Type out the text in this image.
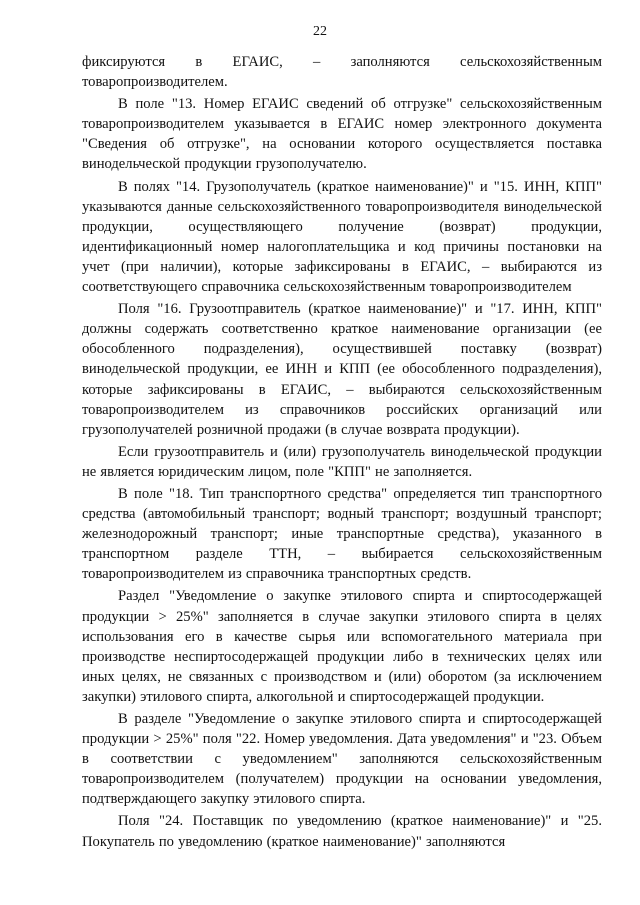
22

фиксируются в ЕГАИС, – заполняются сельскохозяйственным товаропроизводителем.

В поле "13. Номер ЕГАИС сведений об отгрузке" сельскохозяйственным товаропроизводителем указывается в ЕГАИС номер электронного документа "Сведения об отгрузке", на основании которого осуществляется поставка винодельческой продукции грузополучателю.

В полях "14. Грузополучатель (краткое наименование)" и "15. ИНН, КПП" указываются данные сельскохозяйственного товаропроизводителя винодельческой продукции, осуществляющего получение (возврат) продукции, идентификационный номер налогоплательщика и код причины постановки на учет (при наличии), которые зафиксированы в ЕГАИС, – выбираются из соответствующего справочника сельскохозяйственным товаропроизводителем

Поля "16. Грузоотправитель (краткое наименование)" и "17. ИНН, КПП" должны содержать соответственно краткое наименование организации (ее обособленного подразделения), осуществившей поставку (возврат) винодельческой продукции, ее ИНН и КПП (ее обособленного подразделения), которые зафиксированы в ЕГАИС, – выбираются сельскохозяйственным товаропроизводителем из справочников российских организаций или грузополучателей розничной продажи (в случае возврата продукции).

Если грузоотправитель и (или) грузополучатель винодельческой продукции не является юридическим лицом, поле "КПП" не заполняется.

В поле "18. Тип транспортного средства" определяется тип транспортного средства (автомобильный транспорт; водный транспорт; воздушный транспорт; железнодорожный транспорт; иные транспортные средства), указанного в транспортном разделе ТТН, – выбирается сельскохозяйственным товаропроизводителем из справочника транспортных средств.

Раздел "Уведомление о закупке этилового спирта и спиртосодержащей продукции > 25%" заполняется в случае закупки этилового спирта в целях использования его в качестве сырья или вспомогательного материала при производстве неспиртосодержащей продукции либо в технических целях или иных целях, не связанных с производством и (или) оборотом (за исключением закупки) этилового спирта, алкогольной и спиртосодержащей продукции.

В разделе "Уведомление о закупке этилового спирта и спиртосодержащей продукции > 25%" поля "22. Номер уведомления. Дата уведомления" и "23. Объем в соответствии с уведомлением" заполняются сельскохозяйственным товаропроизводителем (получателем) продукции на основании уведомления, подтверждающего закупку этилового спирта.

Поля "24. Поставщик по уведомлению (краткое наименование)" и "25. Покупатель по уведомлению (краткое наименование)" заполняются
